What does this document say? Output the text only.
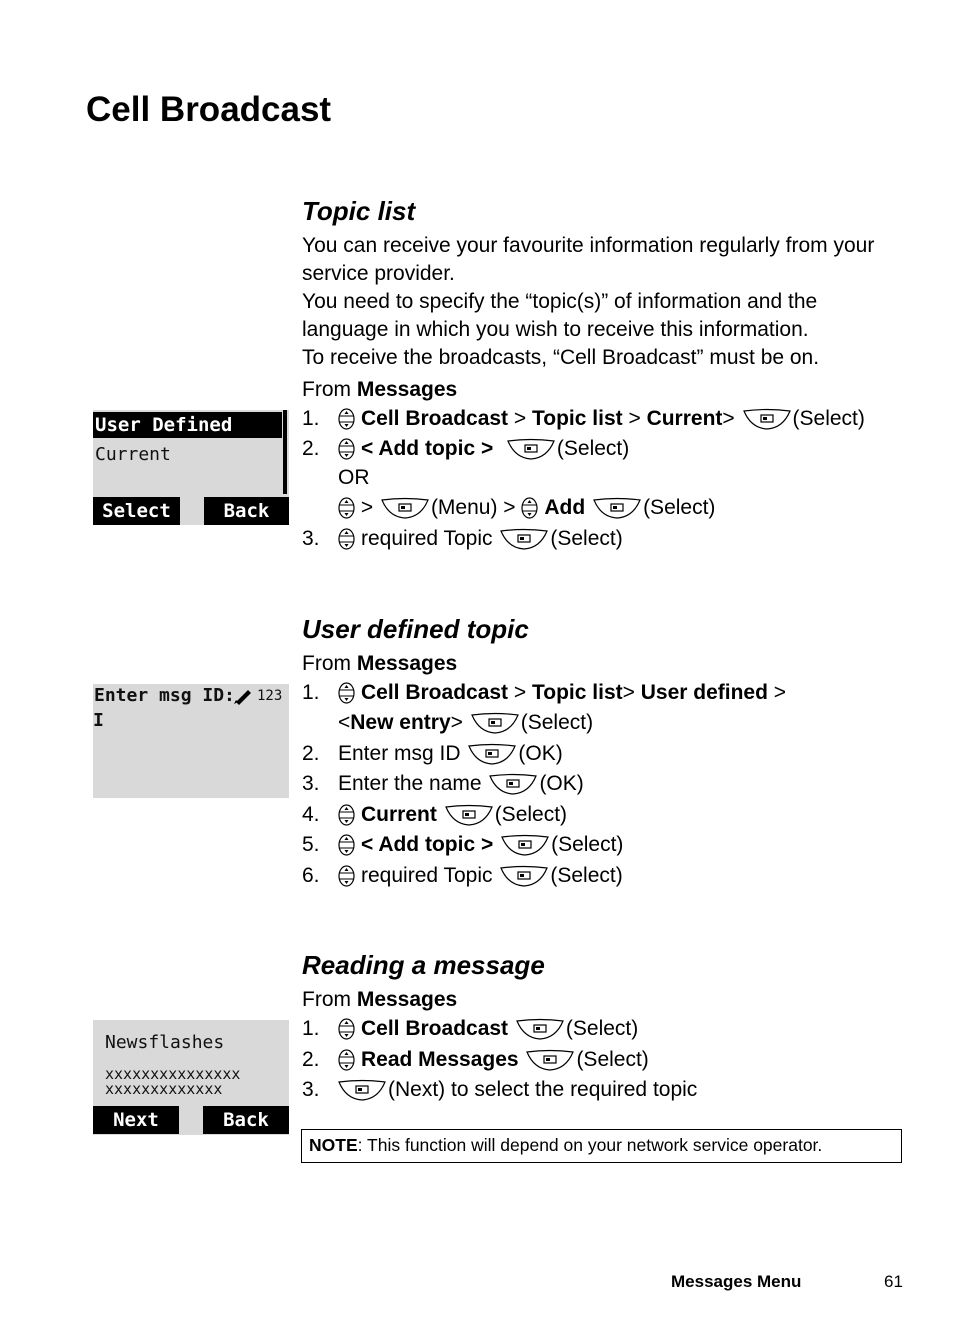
Cell Broadcast
Topic list
You can receive your favourite information regularly from your service provider.
You need to specify the “topic(s)” of information and the language in which you wish to receive this information.
To receive the broadcasts, “Cell Broadcast” must be on.
From Messages
1. Cell Broadcast > Topic list > Current> (Select)
2. < Add topic >	(Select)
OR
> (Menu) > Add	(Select)
3. required Topic	(Select)
User Defined
Current
Select	Back
User defined topic
From Messages
1. Cell Broadcast > Topic list> User defined >
<New entry>	(Select)
2. Enter msg ID	(OK)
3. Enter the name	(OK)
4. Current	(Select)
5. < Add topic >	(Select)
6. required Topic	(Select)
Enter msg ID: 123
I
Reading a message
From Messages
1. Cell Broadcast	(Select)
2. Read Messages	(Select)
3.	(Next) to select the required topic
Newsflashes
xxxxxxxxxxxxxxx
xxxxxxxxxxxxx
Next	Back
NOTE: This function will depend on your network service operator.
Messages Menu	61
